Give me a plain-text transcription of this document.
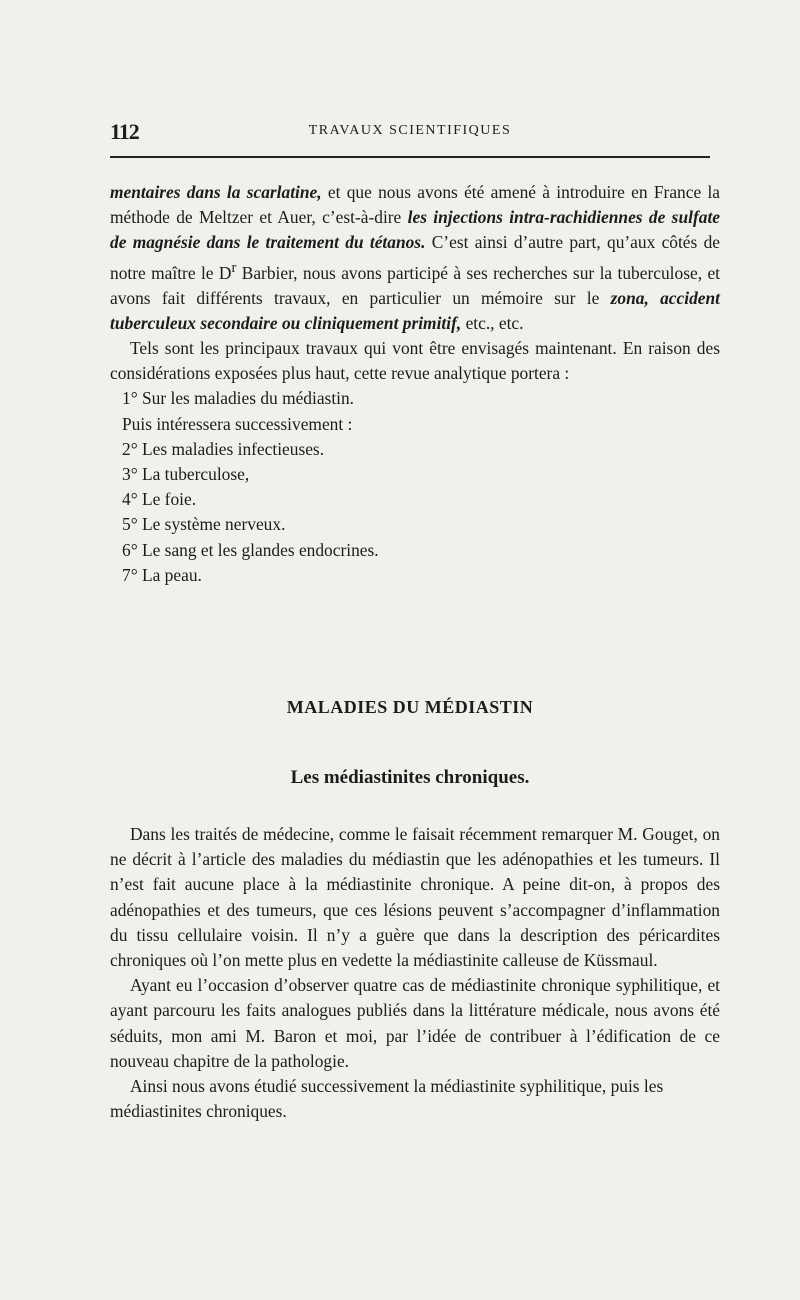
112	TRAVAUX SCIENTIFIQUES

mentaires dans la scarlatine, et que nous avons été amené à introduire en France la méthode de Meltzer et Auer, c’est-à-dire les injections intra-rachidiennes de sulfate de magnésie dans le traitement du tétanos. C’est ainsi d’autre part, qu’aux côtés de notre maître le $D^r$ Barbier, nous avons participé à ses recherches sur la tuberculose, et avons fait différents travaux, en particulier un mémoire sur le zona, accident tuberculeux secondaire ou cliniquement primitif, etc., etc.

Tels sont les principaux travaux qui vont être envisagés maintenant. En raison des considérations exposées plus haut, cette revue analytique portera :

1° Sur les maladies du médiastin.
Puis intéressera successivement :
2° Les maladies infectieuses.
3° La tuberculose,
4° Le foie.
5° Le système nerveux.
6° Le sang et les glandes endocrines.
7° La peau.
MALADIES DU MÉDIASTIN
Les médiastinites chroniques.

Dans les traités de médecine, comme le faisait récemment remarquer M. Gouget, on ne décrit à l’article des maladies du médiastin que les adénopathies et les tumeurs. Il n’est fait aucune place à la médiastinite chronique. A peine dit-on, à propos des adénopathies et des tumeurs, que ces lésions peuvent s’accompagner d’inflammation du tissu cellulaire voisin. Il n’y a guère que dans la description des péricardites chroniques où l’on mette plus en vedette la médiastinite calleuse de Küssmaul.

Ayant eu l’occasion d’observer quatre cas de médiastinite chronique syphilitique, et ayant parcouru les faits analogues publiés dans la littérature médicale, nous avons été séduits, mon ami M. Baron et moi, par l’idée de contribuer à l’édification de ce nouveau chapitre de la pathologie.

Ainsi nous avons étudié successivement la médiastinite syphilitique, puis les médiastinites chroniques.
